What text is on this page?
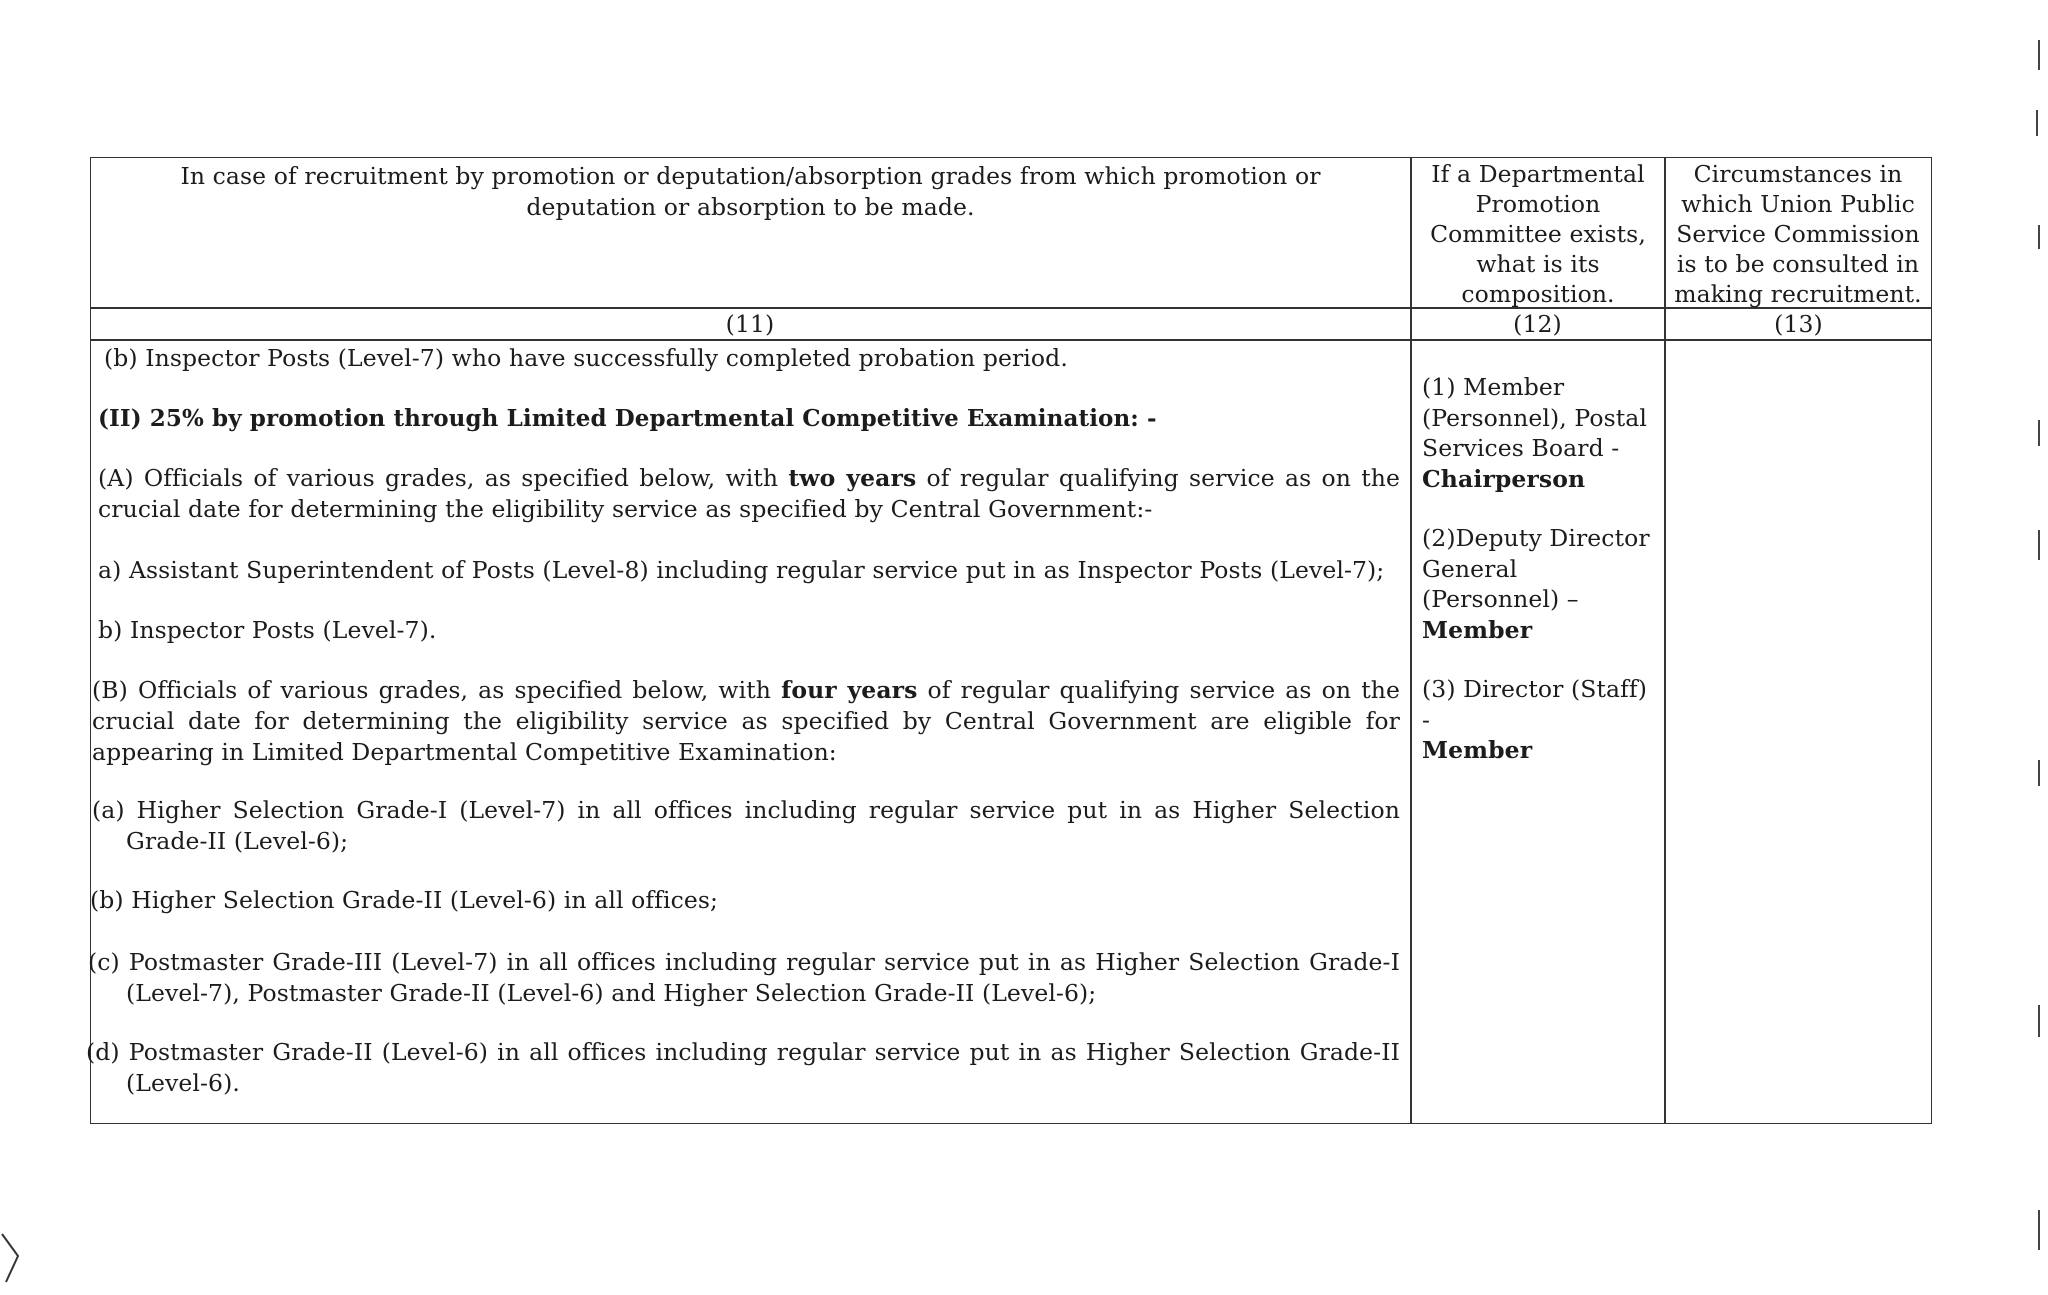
In case of recruitment by promotion or deputation/absorption grades from which promotion or deputation or absorption to be made.
If a Departmental Promotion Committee exists, what is its composition.
Circumstances in which Union Public Service Commission is to be consulted in making recruitment.
(11)	(12)	(13)
(b) Inspector Posts (Level-7) who have successfully completed probation period.
(II) 25% by promotion through Limited Departmental Competitive Examination: -
(A) Officials of various grades, as specified below, with two years of regular qualifying service as on the crucial date for determining the eligibility service as specified by Central Government:-
a) Assistant Superintendent of Posts (Level-8) including regular service put in as Inspector Posts (Level-7);
b) Inspector Posts (Level-7).
(B) Officials of various grades, as specified below, with four years of regular qualifying service as on the crucial date for determining the eligibility service as specified by Central Government are eligible for appearing in Limited Departmental Competitive Examination:
(a) Higher Selection Grade-I (Level-7) in all offices including regular service put in as Higher Selection Grade-II (Level-6);
(b) Higher Selection Grade-II (Level-6) in all offices;
(c) Postmaster Grade-III (Level-7) in all offices including regular service put in as Higher Selection Grade-I (Level-7), Postmaster Grade-II (Level-6) and Higher Selection Grade-II (Level-6);
(d) Postmaster Grade-II (Level-6) in all offices including regular service put in as Higher Selection Grade-II (Level-6).
(1) Member (Personnel), Postal Services Board -
Chairperson
(2)Deputy Director General (Personnel) –
Member
(3) Director (Staff) -
Member
